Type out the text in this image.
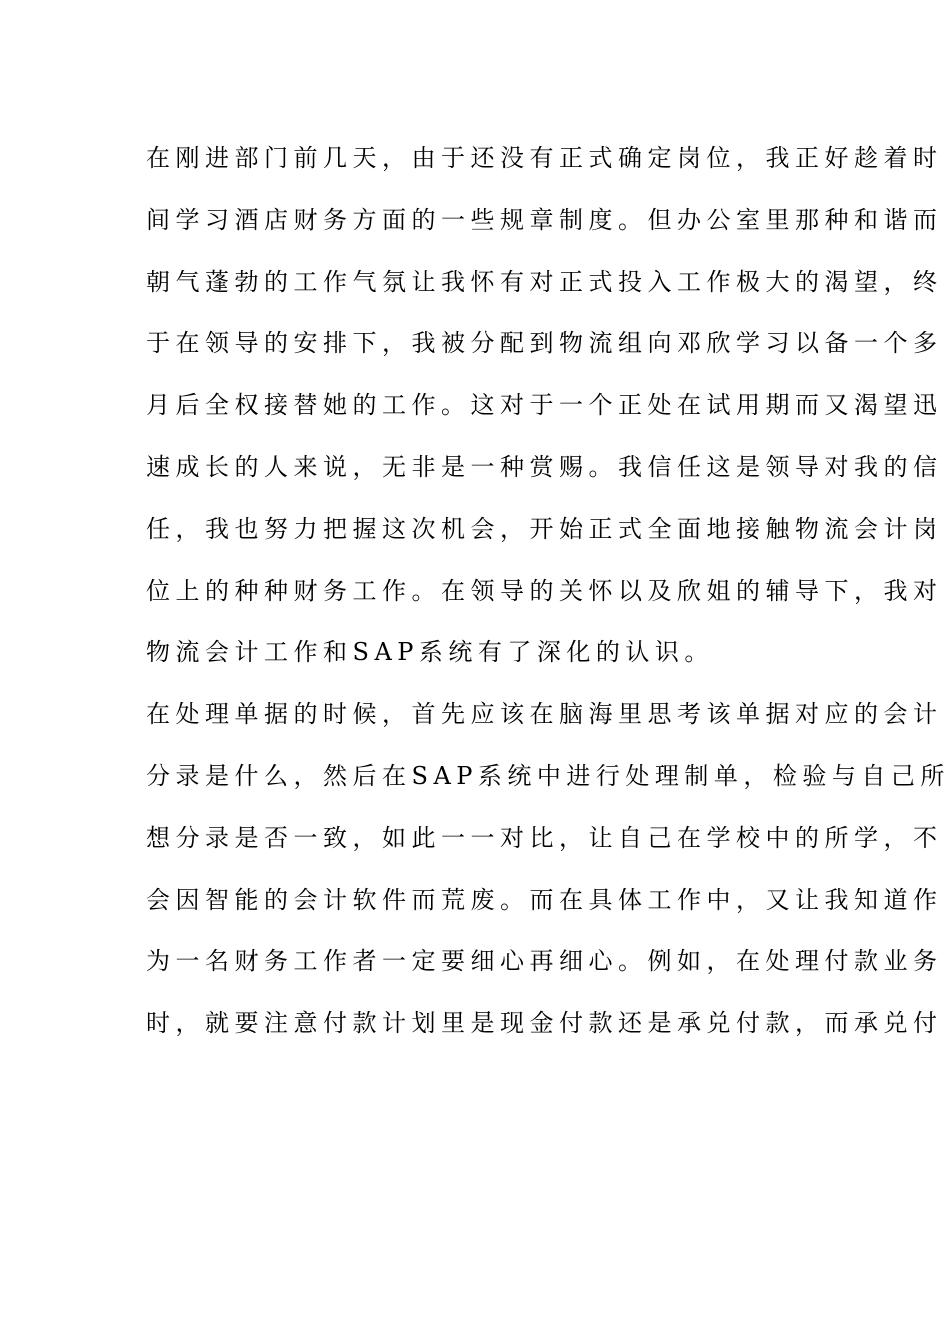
在刚进部门前几天，由于还没有正式确定岗位，我正好趁着时
间学习酒店财务方面的一些规章制度。但办公室里那种和谐而
朝气蓬勃的工作气氛让我怀有对正式投入工作极大的渴望，终
于在领导的安排下，我被分配到物流组向邓欣学习以备一个多
月后全权接替她的工作。这对于一个正处在试用期而又渴望迅
速成长的人来说，无非是一种赏赐。我信任这是领导对我的信
任，我也努力把握这次机会，开始正式全面地接触物流会计岗
位上的种种财务工作。在领导的关怀以及欣姐的辅导下，我对
物流会计工作和SAP系统有了深化的认识。
在处理单据的时候，首先应该在脑海里思考该单据对应的会计
分录是什么，然后在SAP系统中进行处理制单，检验与自己所
想分录是否一致，如此一一对比，让自己在学校中的所学，不
会因智能的会计软件而荒废。而在具体工作中，又让我知道作
为一名财务工作者一定要细心再细心。例如，在处理付款业务
时，就要注意付款计划里是现金付款还是承兑付款，而承兑付
